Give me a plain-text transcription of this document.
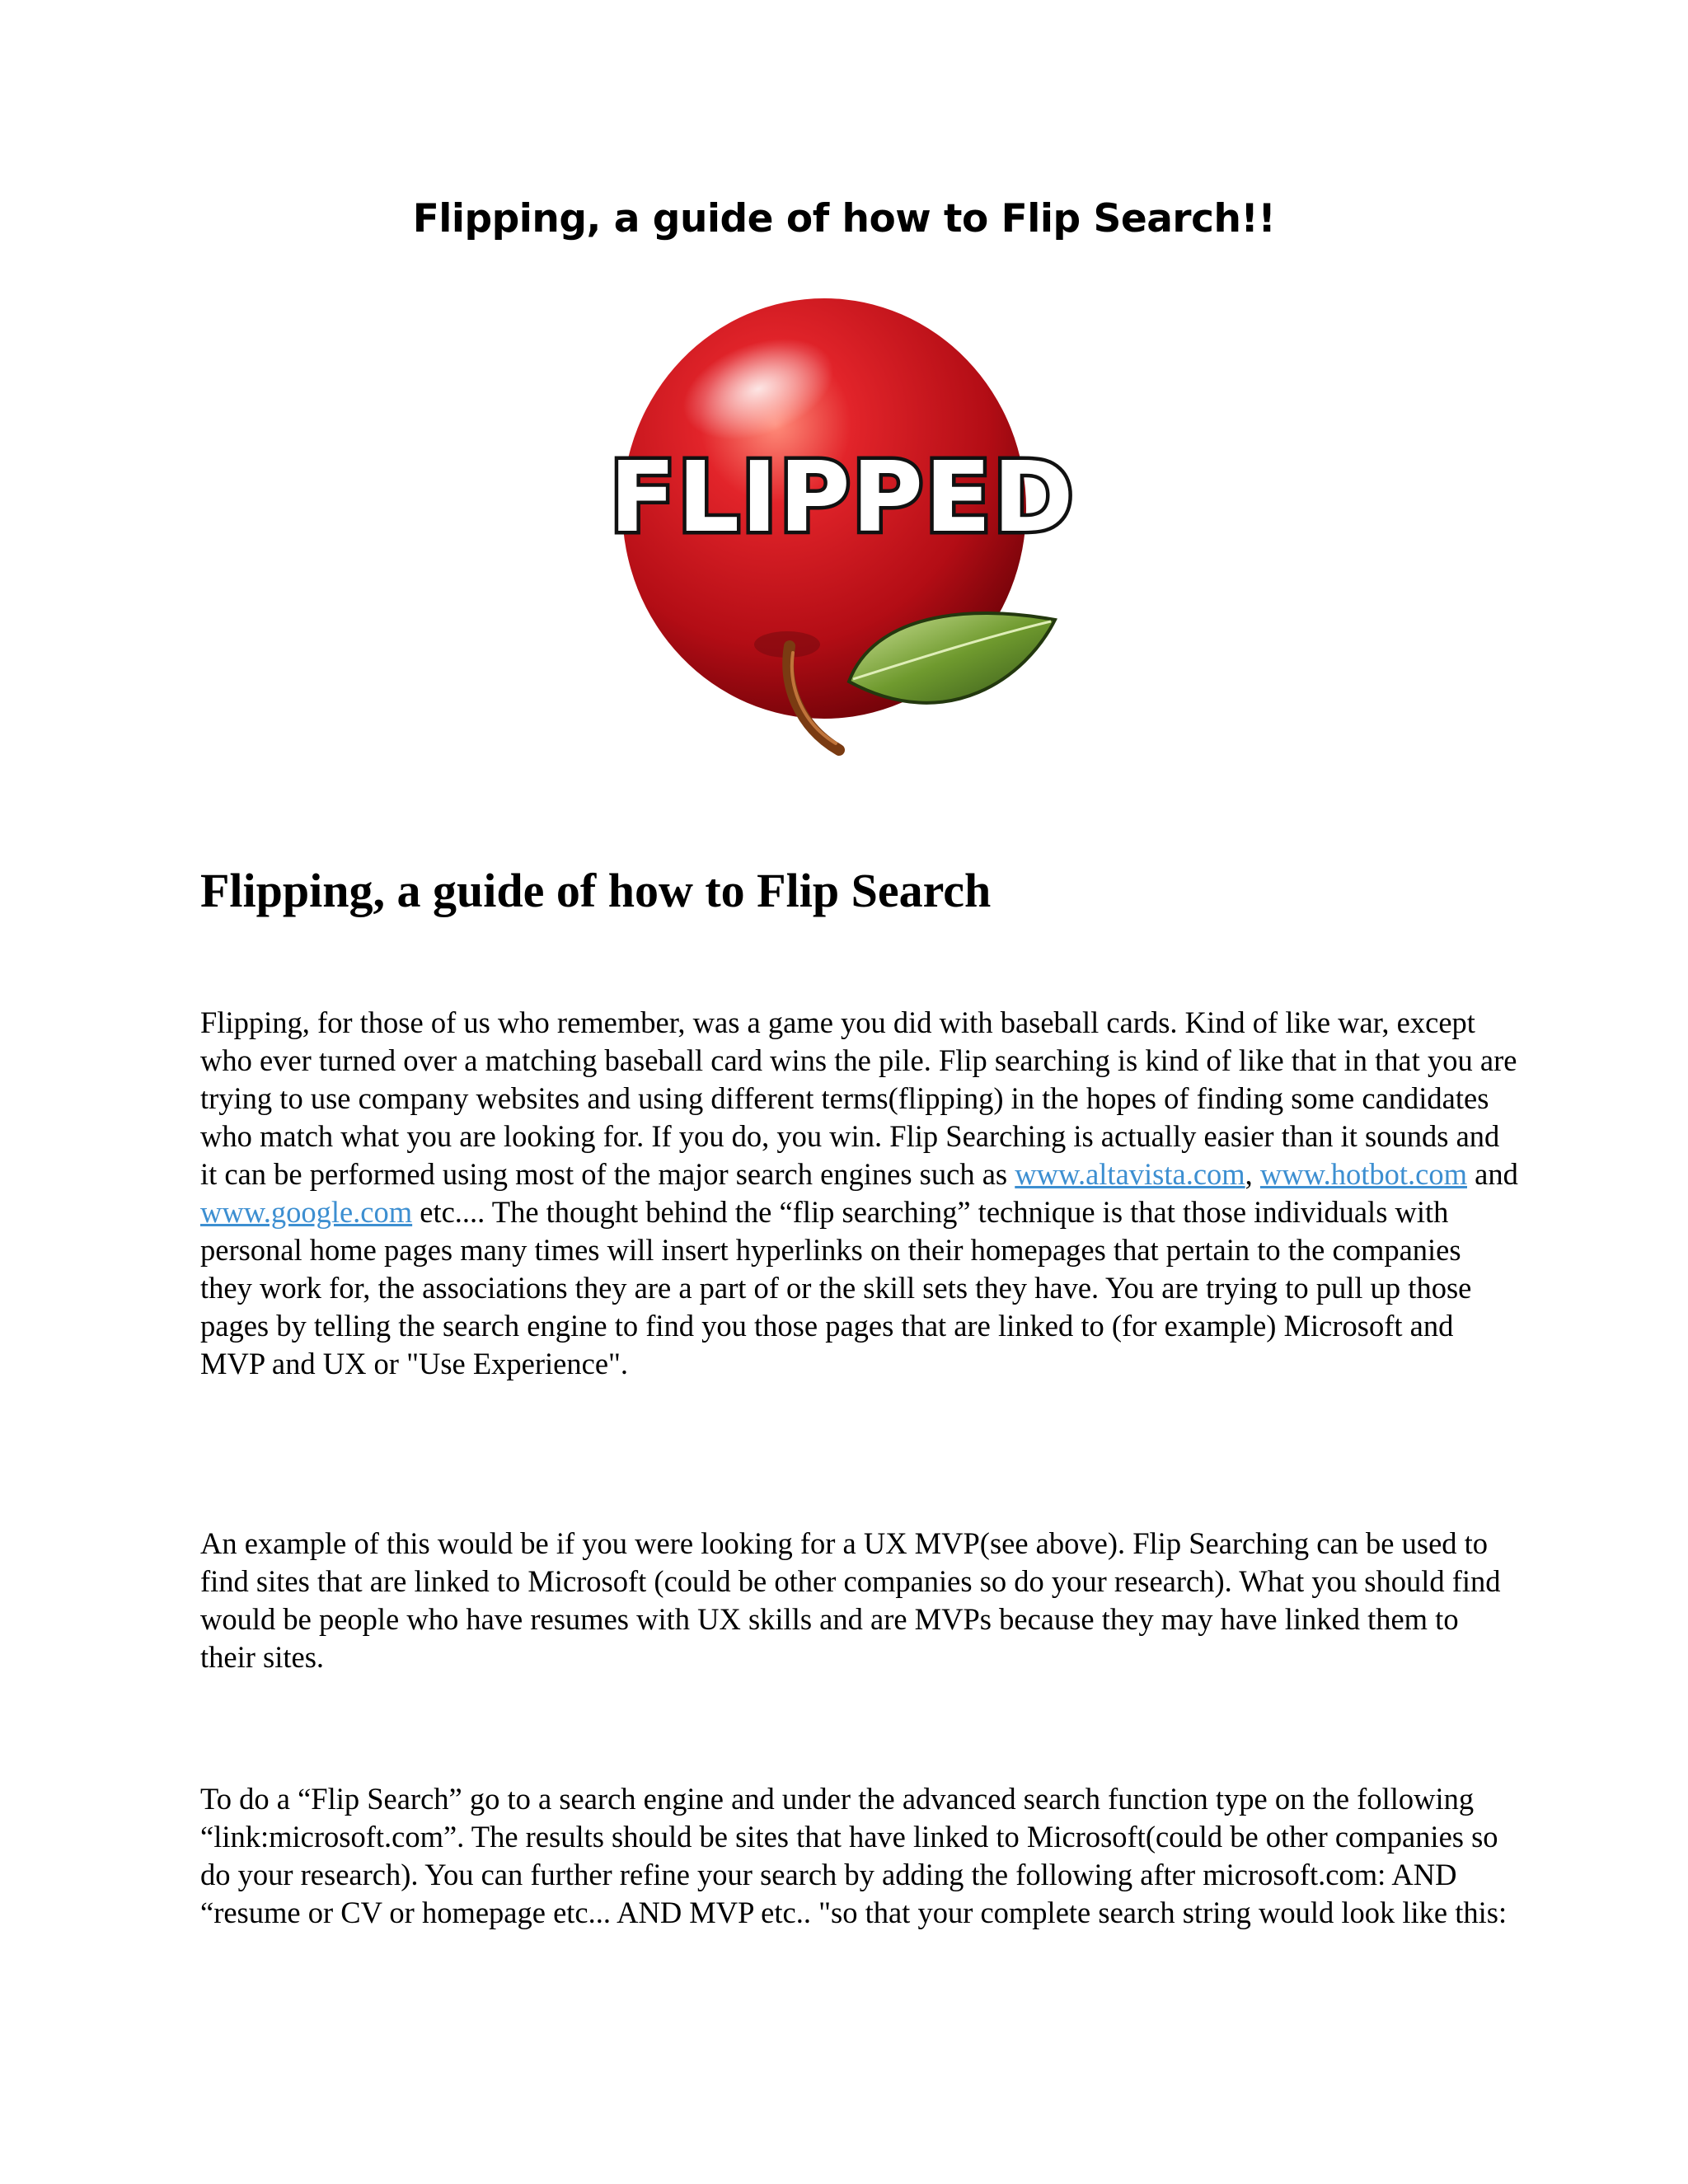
Flipping, a guide of how to Flip Search!!
FLIPPED
Flipping, a guide of how to Flip Search

Flipping, for those of us who remember, was a game you did with baseball cards. Kind of like war, except who ever turned over a matching baseball card wins the pile. Flip searching is kind of like that in that you are trying to use company websites and using different terms(flipping) in the hopes of finding some candidates who match what you are looking for. If you do, you win. Flip Searching is actually easier than it sounds and it can be performed using most of the major search engines such as www.altavista.com, www.hotbot.com and www.google.com etc.... The thought behind the “flip searching” technique is that those individuals with personal home pages many times will insert hyperlinks on their homepages that pertain to the companies they work for, the associations they are a part of or the skill sets they have. You are trying to pull up those pages by telling the search engine to find you those pages that are linked to (for example) Microsoft and MVP and UX or "Use Experience".

An example of this would be if you were looking for a UX MVP(see above). Flip Searching can be used to find sites that are linked to Microsoft (could be other companies so do your research). What you should find would be people who have resumes with UX skills and are MVPs because they may have linked them to their sites.

To do a “Flip Search” go to a search engine and under the advanced search function type on the following “link:microsoft.com”. The results should be sites that have linked to Microsoft(could be other companies so do your research). You can further refine your search by adding the following after microsoft.com: AND “resume or CV or homepage etc... AND MVP etc.. "so that your complete search string would look like this:
